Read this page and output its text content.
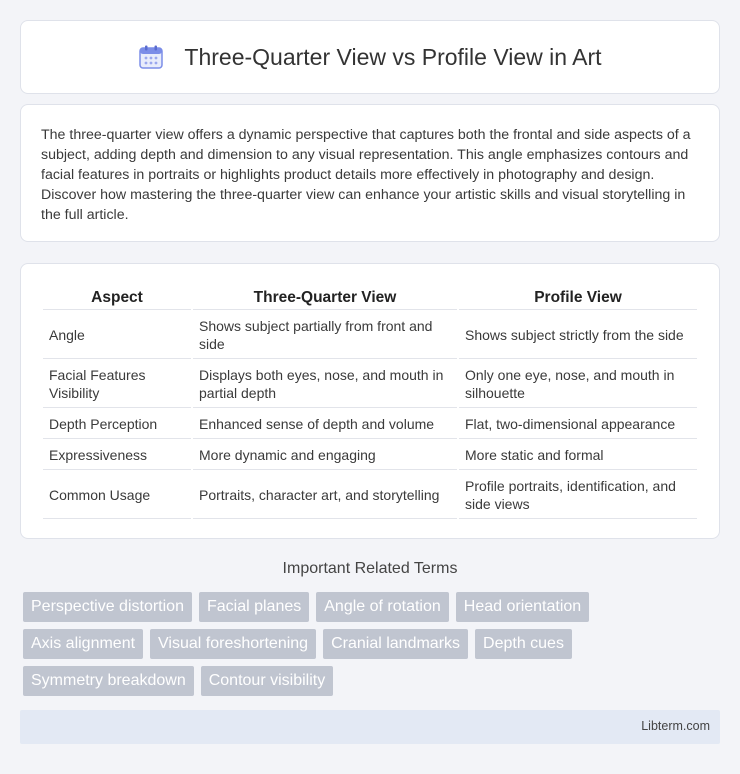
Three-Quarter View vs Profile View in Art

The three-quarter view offers a dynamic perspective that captures both the frontal and side aspects of a subject, adding depth and dimension to any visual representation. This angle emphasizes contours and facial features in portraits or highlights product details more effectively in photography and design. Discover how mastering the three-quarter view can enhance your artistic skills and visual storytelling in the full article.

Aspect	Three-Quarter View	Profile View
Angle	Shows subject partially from front and side	Shows subject strictly from the side
Facial Features Visibility	Displays both eyes, nose, and mouth in partial depth	Only one eye, nose, and mouth in silhouette
Depth Perception	Enhanced sense of depth and volume	Flat, two-dimensional appearance
Expressiveness	More dynamic and engaging	More static and formal
Common Usage	Portraits, character art, and storytelling	Profile portraits, identification, and side views
Important Related Terms
Perspective distortion	Facial planes	Angle of rotation	Head orientation
Axis alignment	Visual foreshortening	Cranial landmarks	Depth cues
Symmetry breakdown	Contour visibility
Libterm.com
